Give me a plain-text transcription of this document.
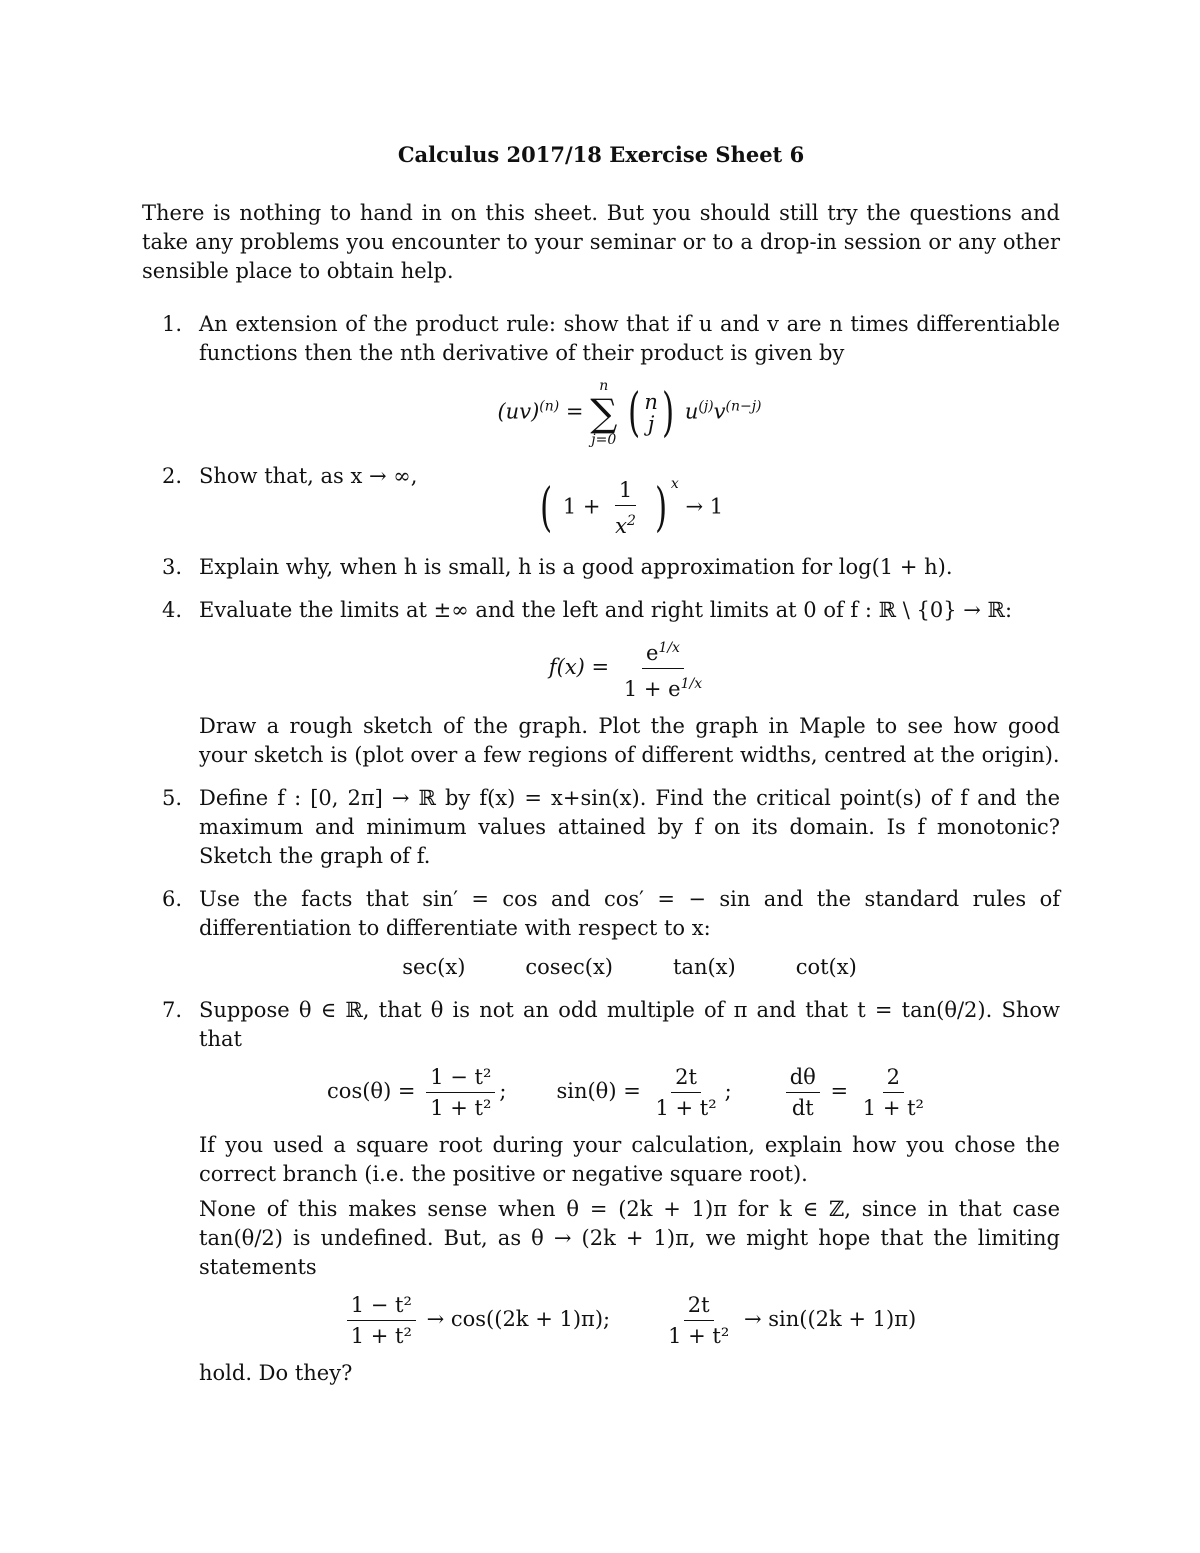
Calculus 2017/18 Exercise Sheet 6

There is nothing to hand in on this sheet. But you should still try the questions and take any problems you encounter to your seminar or to a drop-in session or any other sensible place to obtain help.

1. An extension of the product rule: show that if u and v are n times differentiable functions then the nth derivative of their product is given by

(uv)$^{(n)}$ =
n
∑
j=0
( n
j ) $u^{(j)}v^{(n-j)}$
2. Show that, as x → ∞,

( $1 + \frac{1}{x^2}$ ) $^x$ → 1
3. Explain why, when h is small, h is a good approximation for log(1 + h).

4. Evaluate the limits at ±∞ and the left and right limits at 0 of f : ℝ \ {0} → ℝ:

$f(x) = \frac{e^{1/x}}{1 + e^{1/x}}$

Draw a rough sketch of the graph. Plot the graph in Maple to see how good your sketch is (plot over a few regions of different widths, centred at the origin).

5. Define f : [0, 2π] → ℝ by f(x) = x+sin(x). Find the critical point(s) of f and the maximum and minimum values attained by f on its domain. Is f monotonic? Sketch the graph of f.

6. Use the facts that sin′ = cos and cos′ = − sin and the standard rules of differentiation to differentiate with respect to x:

sec(x)	cosec(x)	tan(x)	cot(x)
7. Suppose θ ∈ ℝ, that θ is not an odd multiple of π and that t = tan(θ/2). Show that

$\cos(\theta) = \frac{\text{1 − t²}}{\text{1 + t²}}$ ; $\sin(\theta) = \frac{2t}{\text{1 + t²}}$ ;	$\frac{d\theta}{dt} = \frac{2}{\text{1 + t²}}$

If you used a square root during your calculation, explain how you chose the correct branch (i.e. the positive or negative square root).

None of this makes sense when θ = (2k + 1)π for k ∈ ℤ, since in that case tan(θ/2) is undefined. But, as θ → (2k + 1)π, we might hope that the limiting statements

$\frac{\text{1 − t²}}{\text{1 + t²}} \to \cos((2k + 1)\pi)$;	$\frac{2t}{\text{1 + t²}} \to \sin((2k + 1)\pi)$

hold. Do they?
